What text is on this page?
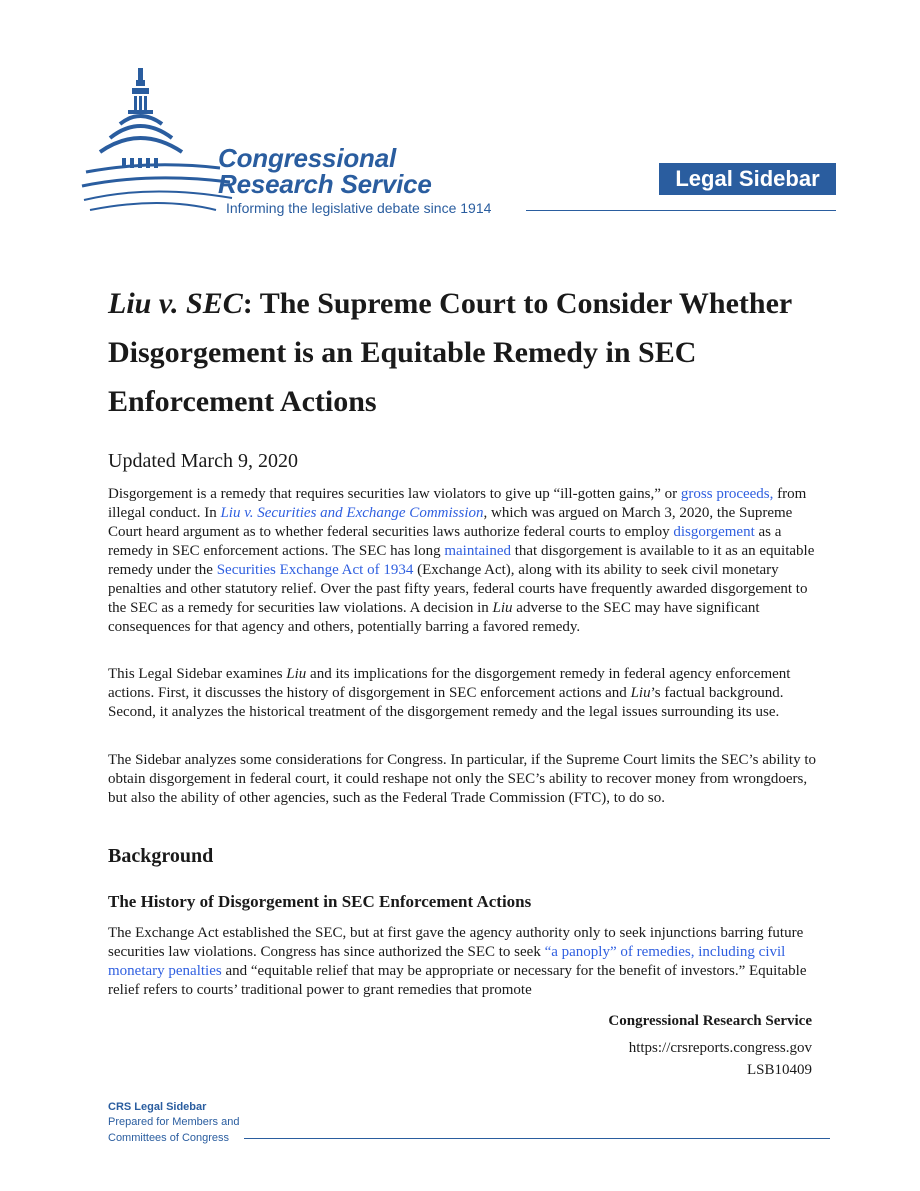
Congressional
Research Service
Informing the legislative debate since 1914
Legal Sidebar
Liu v. SEC: The Supreme Court to Consider Whether Disgorgement is an Equitable Remedy in SEC Enforcement Actions
Updated March 9, 2020

Disgorgement is a remedy that requires securities law violators to give up “ill-gotten gains,” or gross proceeds, from illegal conduct. In Liu v. Securities and Exchange Commission, which was argued on March 3, 2020, the Supreme Court heard argument as to whether federal securities laws authorize federal courts to employ disgorgement as a remedy in SEC enforcement actions. The SEC has long maintained that disgorgement is available to it as an equitable remedy under the Securities Exchange Act of 1934 (Exchange Act), along with its ability to seek civil monetary penalties and other statutory relief. Over the past fifty years, federal courts have frequently awarded disgorgement to the SEC as a remedy for securities law violations. A decision in Liu adverse to the SEC may have significant consequences for that agency and others, potentially barring a favored remedy.

This Legal Sidebar examines Liu and its implications for the disgorgement remedy in federal agency enforcement actions. First, it discusses the history of disgorgement in SEC enforcement actions and Liu’s factual background. Second, it analyzes the historical treatment of the disgorgement remedy and the legal issues surrounding its use.

The Sidebar analyzes some considerations for Congress. In particular, if the Supreme Court limits the SEC’s ability to obtain disgorgement in federal court, it could reshape not only the SEC’s ability to recover money from wrongdoers, but also the ability of other agencies, such as the Federal Trade Commission (FTC), to do so.

Background
The History of Disgorgement in SEC Enforcement Actions

The Exchange Act established the SEC, but at first gave the agency authority only to seek injunctions barring future securities law violations. Congress has since authorized the SEC to seek “a panoply” of remedies, including civil monetary penalties and “equitable relief that may be appropriate or necessary for the benefit of investors.” Equitable relief refers to courts’ traditional power to grant remedies that promote

Congressional Research Service
https://crsreports.congress.gov
LSB10409
CRS Legal Sidebar
Prepared for Members and
Committees of Congress
